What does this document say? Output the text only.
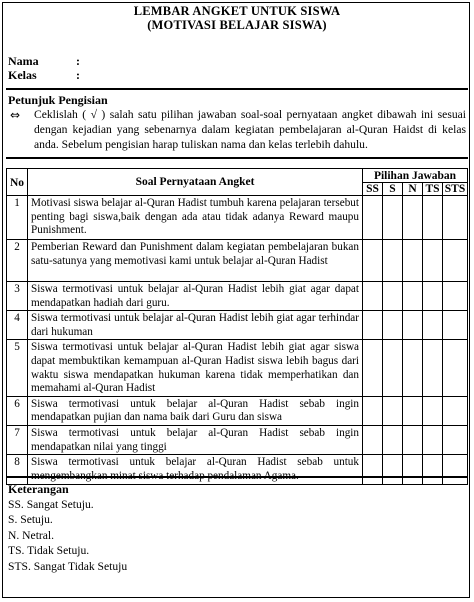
LEMBAR ANGKET UNTUK SISWA
(MOTIVASI BELAJAR SISWA)
Nama	:
Kelas	:
Petunjuk Pengisian
⇔ Ceklislah ( √ ) salah satu pilihan jawaban soal-soal pernyataan angket dibawah ini sesuai dengan kejadian yang sebenarnya dalam kegiatan pembelajaran al-Quran Haidst di kelas anda. Sebelum pengisian harap tuliskan nama dan kelas terlebih dahulu.
No	Soal Pernyataan Angket	Pilihan Jawaban				
		SS	S	N	TS	STS
1	Motivasi siswa belajar al-Quran Hadist tumbuh karena pelajaran tersebut penting bagi siswa,baik dengan ada atau tidak adanya Reward maupu Punishment.					
2	Pemberian Reward dan Punishment dalam kegiatan pembelajaran bukan satu-satunya yang memotivasi kami untuk belajar al-Quran Hadist					
3	Siswa termotivasi untuk belajar al-Quran Hadist lebih giat agar dapat mendapatkan hadiah dari guru.					
4	Siswa termotivasi untuk belajar al-Quran Hadist lebih giat agar terhindar dari hukuman					
5	Siswa termotivasi untuk belajar al-Quran Hadist lebih giat agar siswa dapat membuktikan kemampuan al-Quran Hadist siswa lebih bagus dari waktu siswa mendapatkan hukuman karena tidak memperhatikan dan memahami al-Quran Hadist					
6	Siswa termotivasi untuk belajar al-Quran Hadist sebab ingin mendapatkan pujian dan nama baik dari Guru dan siswa					
7	Siswa termotivasi untuk belajar al-Quran Hadist sebab ingin mendapatkan nilai yang tinggi					
8	Siswa termotivasi untuk belajar al-Quran Hadist sebab untuk mengembangkan minat siswa terhadap pendalaman Agama.					
Keterangan
SS. Sangat Setuju.
S. Setuju.
N. Netral.
TS. Tidak Setuju.
STS. Sangat Tidak Setuju
